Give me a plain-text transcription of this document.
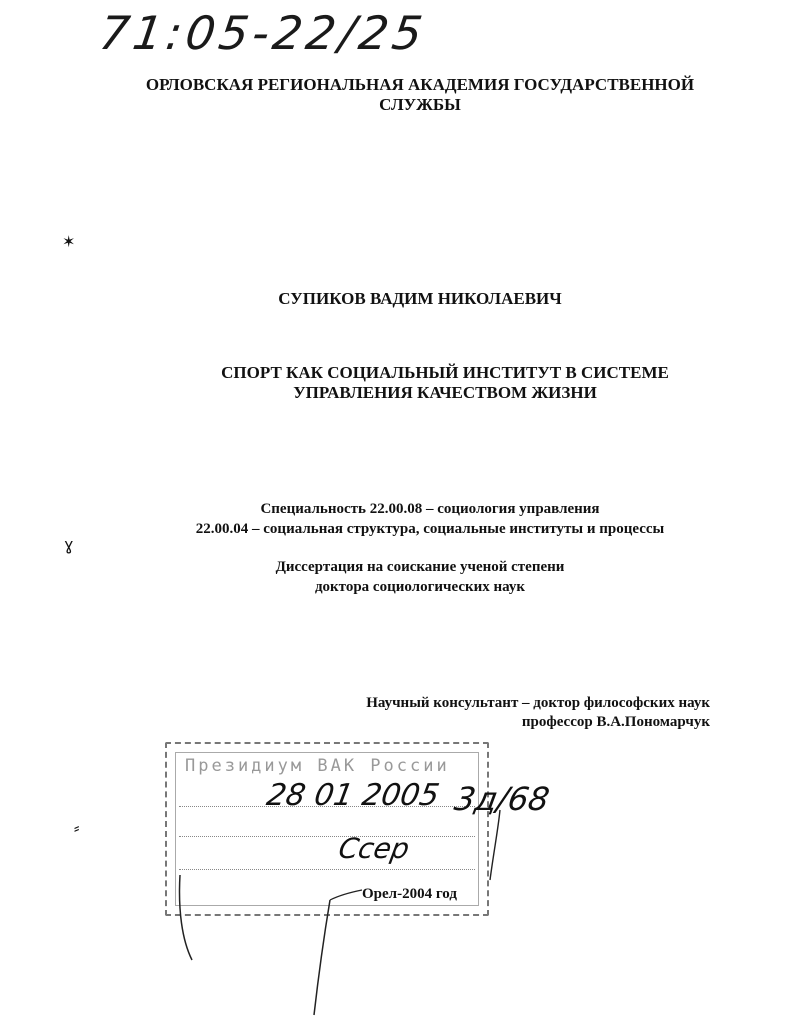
71:05-22/25
ОРЛОВСКАЯ РЕГИОНАЛЬНАЯ АКАДЕМИЯ ГОСУДАРСТВЕННОЙ
СЛУЖБЫ
✶
СУПИКОВ ВАДИМ НИКОЛАЕВИЧ
СПОРТ КАК СОЦИАЛЬНЫЙ ИНСТИТУТ В СИСТЕМЕ
УПРАВЛЕНИЯ КАЧЕСТВОМ ЖИЗНИ
Специальность 22.00.08 – социология управления
22.00.04 – социальная структура, социальные институты и процессы
ɣ
Диссертация на соискание ученой степени
доктора социологических наук
Научный консультант – доктор философских наук
профессор В.А.Пономарчук
⸗
Президиум ВАК России
28 01 2005 3д/68
Ссер
Орел-2004 год
